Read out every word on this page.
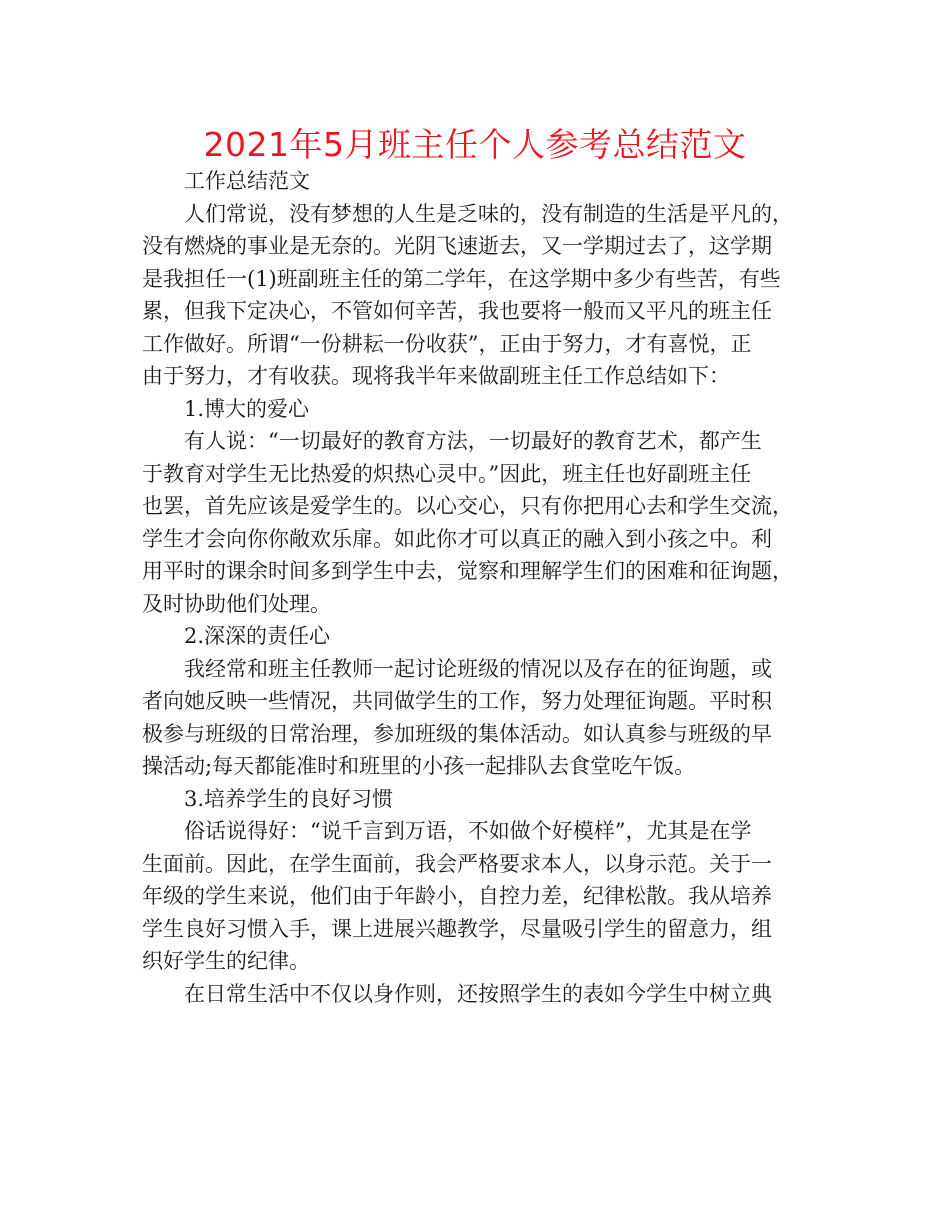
2021年5月班主任个人参考总结范文
工作总结范文
人们常说，没有梦想的人生是乏味的，没有制造的生活是平凡的，
没有燃烧的事业是无奈的。光阴飞速逝去，又一学期过去了，这学期
是我担任一(1)班副班主任的第二学年，在这学期中多少有些苦，有些
累，但我下定决心，不管如何辛苦，我也要将一般而又平凡的班主任
工作做好。所谓“一份耕耘一份收获”，正由于努力，才有喜悦，正
由于努力，才有收获。现将我半年来做副班主任工作总结如下：
1.博大的爱心
有人说：“一切最好的教育方法，一切最好的教育艺术，都产生
于教育对学生无比热爱的炽热心灵中。”因此，班主任也好副班主任
也罢，首先应该是爱学生的。以心交心，只有你把用心去和学生交流，
学生才会向你你敞欢乐扉。如此你才可以真正的融入到小孩之中。利
用平时的课余时间多到学生中去，觉察和理解学生们的困难和征询题，
及时协助他们处理。
2.深深的责任心
我经常和班主任教师一起讨论班级的情况以及存在的征询题，或
者向她反映一些情况，共同做学生的工作，努力处理征询题。平时积
极参与班级的日常治理，参加班级的集体活动。如认真参与班级的早
操活动;每天都能准时和班里的小孩一起排队去食堂吃午饭。
3.培养学生的良好习惯
俗话说得好：“说千言到万语，不如做个好模样”，尤其是在学
生面前。因此，在学生面前，我会严格要求本人，以身示范。关于一
年级的学生来说，他们由于年龄小，自控力差，纪律松散。我从培养
学生良好习惯入手，课上进展兴趣教学，尽量吸引学生的留意力，组
织好学生的纪律。
在日常生活中不仅以身作则，还按照学生的表如今学生中树立典
